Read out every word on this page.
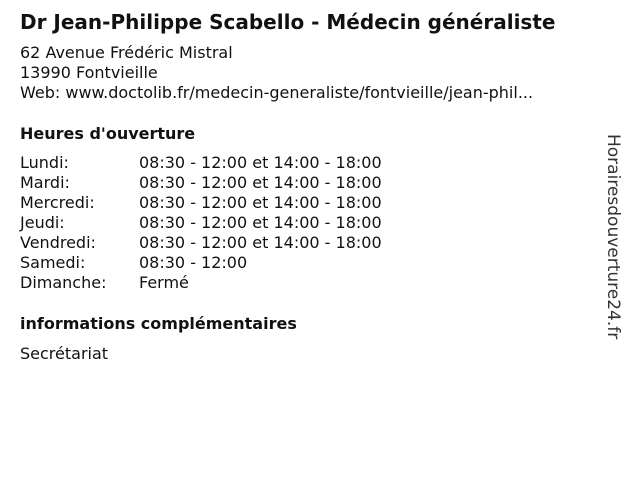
Dr Jean-Philippe Scabello - Médecin généraliste
62 Avenue Frédéric Mistral
13990 Fontvieille
Web: www.doctolib.fr/medecin-generaliste/fontvieille/jean-phil...
Heures d'ouverture
Lundi:	08:30 - 12:00 et 14:00 - 18:00
Mardi:	08:30 - 12:00 et 14:00 - 18:00
Mercredi:	08:30 - 12:00 et 14:00 - 18:00
Jeudi:	08:30 - 12:00 et 14:00 - 18:00
Vendredi:	08:30 - 12:00 et 14:00 - 18:00
Samedi:	08:30 - 12:00
Dimanche:	Fermé
informations complémentaires
Secrétariat
Horairesdouverture24.fr
